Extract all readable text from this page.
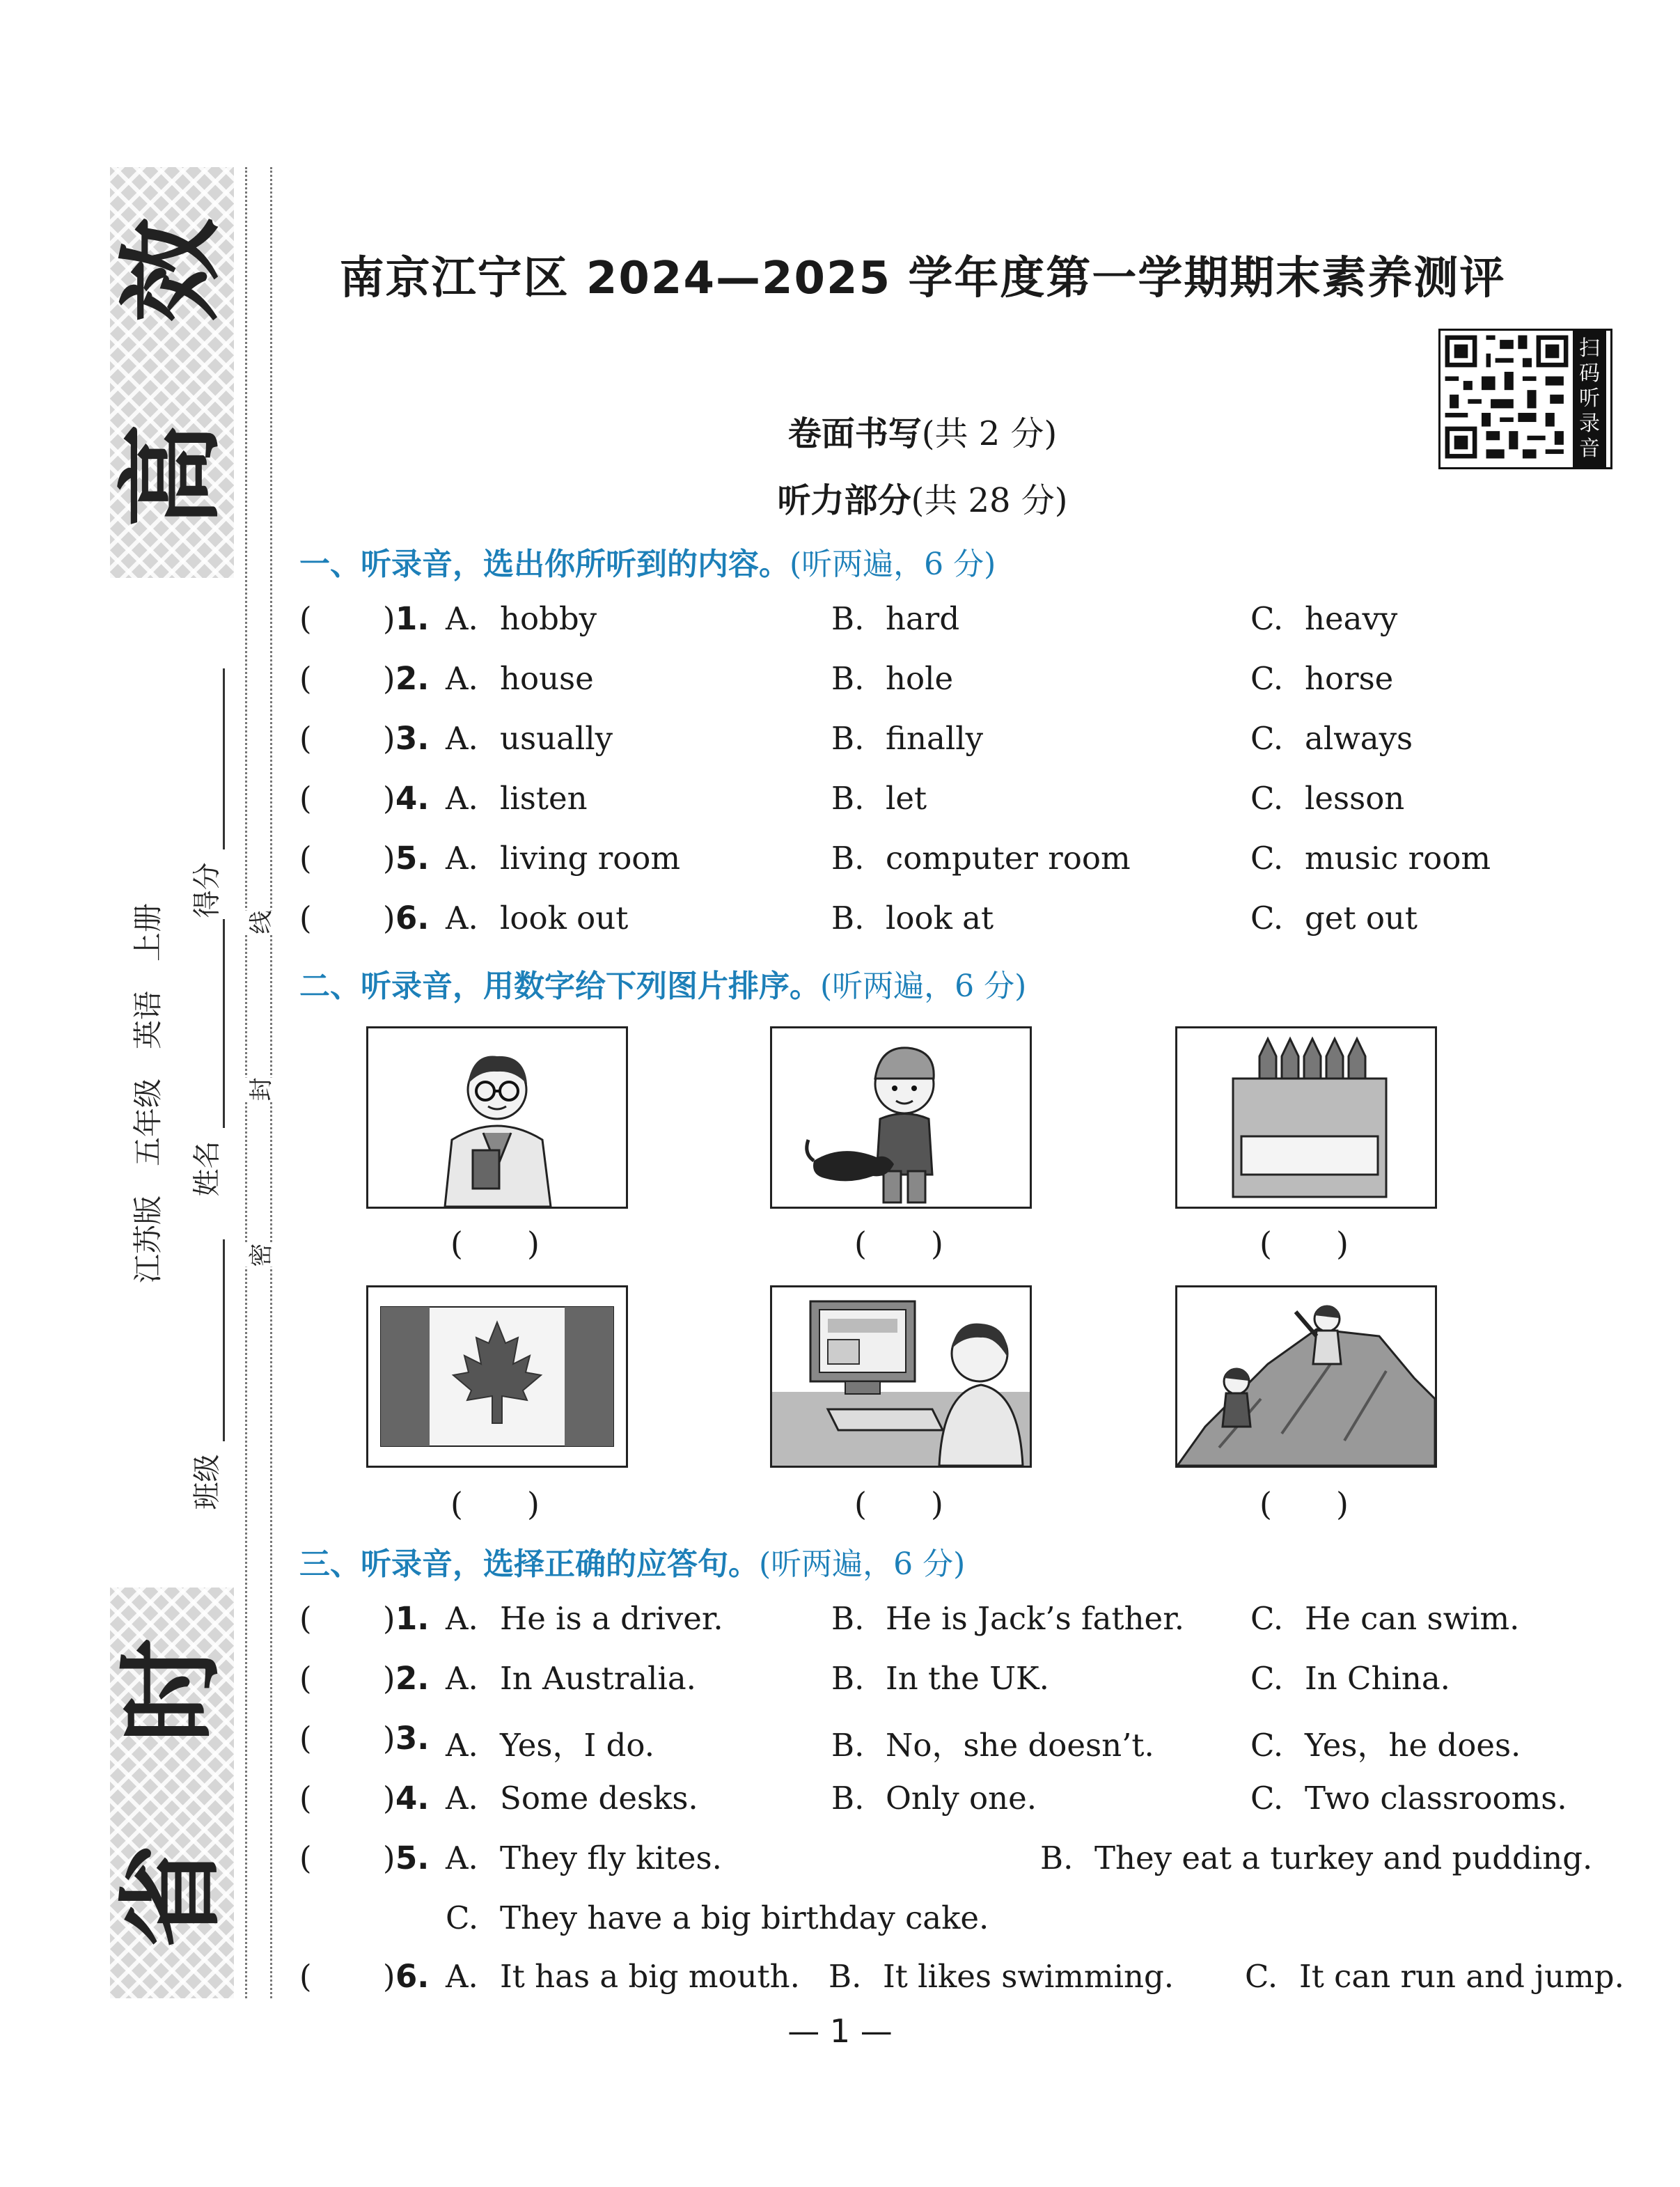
效
高
时
省
江苏版　五年级　英语　上册
班级
姓名
得分
线
封
密
南京江宁区 2024—2025 学年度第一学期期末素养测评
扫
码
听
录
音
卷面书写(共 2 分)
听力部分(共 28 分)
一、听录音，选出你所听到的内容。(听两遍，6 分)
( ) 1. A. hobby	B. hard	C. heavy
( ) 2. A. house	B. hole	C. horse
( ) 3. A. usually	B. finally	C. always
( ) 4. A. listen	B. let	C. lesson
( ) 5. A. living room	B. computer room	C. music room
( ) 6. A. look out	B. look at	C. get out
二、听录音，用数字给下列图片排序。(听两遍，6 分)
(　　)	(　　)	(　　)
(　　)	(　　)	(　　)
三、听录音，选择正确的应答句。(听两遍，6 分)
( ) 1. A. He is a driver.	B. He is Jack’s father. C. He can swim.
( ) 2. A. In Australia.	B. In the UK.	C. In China.
( ) 3. A. Yes，I do.	B. No，she doesn’t.	C. Yes，he does.
( ) 4. A. Some desks.	B. Only one.	C. Two classrooms.
( ) 5. A. They fly kites.	B. They eat a turkey and pudding.
C. They have a big birthday cake.
( ) 6. A. It has a big mouth. B. It likes swimming. C. It can run and jump.
— 1 —
